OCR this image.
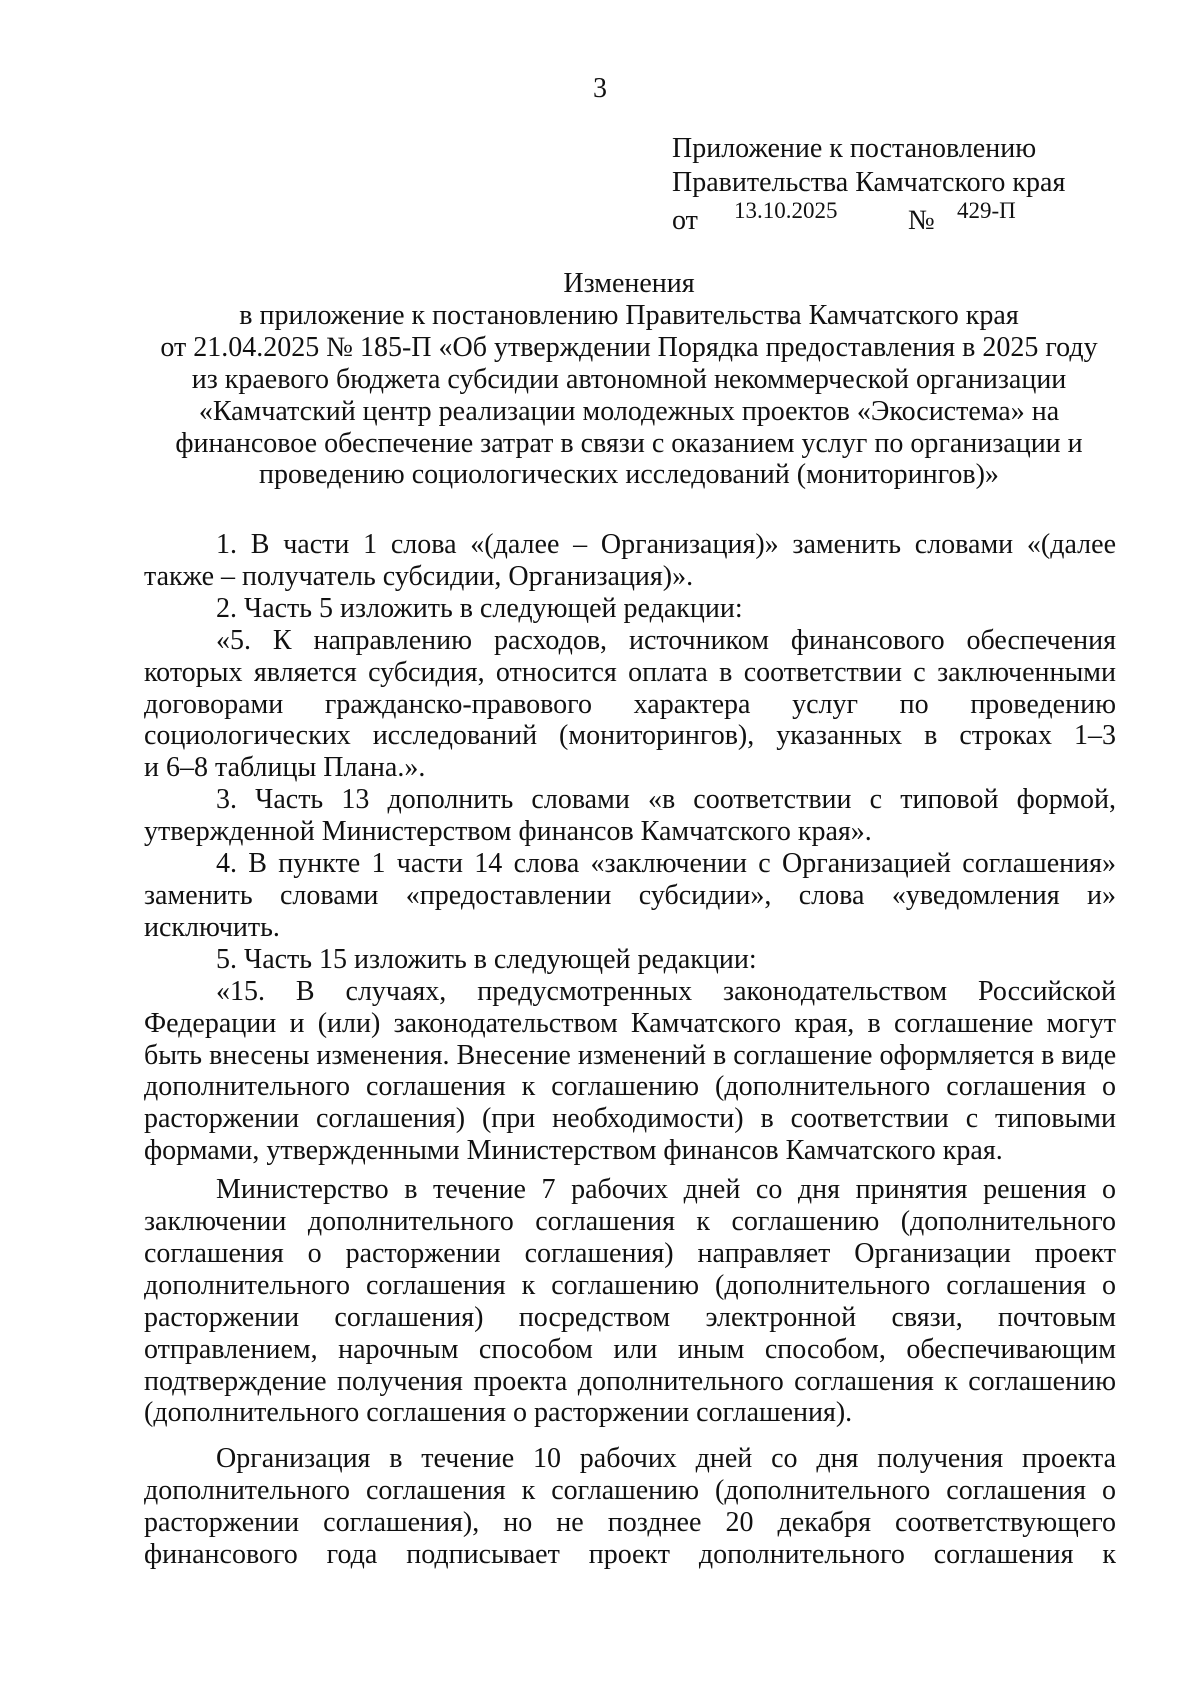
3
Приложение к постановлению
Правительства Камчатского края
от 13.10.2025	№ 429-П
Изменения
в приложение к постановлению Правительства Камчатского края
от 21.04.2025 № 185-П «Об утверждении Порядка предоставления в 2025 году
из краевого бюджета субсидии автономной некоммерческой организации
«Камчатский центр реализации молодежных проектов «Экосистема» на
финансовое обеспечение затрат в связи с оказанием услуг по организации и
проведению социологических исследований (мониторингов)»
1. В части 1 слова «(далее – Организация)» заменить словами «(далее
также – получатель субсидии, Организация)».
2. Часть 5 изложить в следующей редакции:
«5. К направлению расходов, источником финансового обеспечения
которых является субсидия, относится оплата в соответствии с заключенными
договорами гражданско-правового характера услуг по проведению
социологических исследований (мониторингов), указанных в строках 1–3
и 6–8 таблицы Плана.».
3. Часть 13 дополнить словами «в соответствии с типовой формой,
утвержденной Министерством финансов Камчатского края».
4. В пункте 1 части 14 слова «заключении с Организацией соглашения»
заменить словами «предоставлении субсидии», слова «уведомления и»
исключить.
5. Часть 15 изложить в следующей редакции:
«15. В случаях, предусмотренных законодательством Российской
Федерации и (или) законодательством Камчатского края, в соглашение могут
быть внесены изменения. Внесение изменений в соглашение оформляется в виде
дополнительного соглашения к соглашению (дополнительного соглашения о
расторжении соглашения) (при необходимости) в соответствии с типовыми
формами, утвержденными Министерством финансов Камчатского края.
Министерство в течение 7 рабочих дней со дня принятия решения о
заключении дополнительного соглашения к соглашению (дополнительного
соглашения о расторжении соглашения) направляет Организации проект
дополнительного соглашения к соглашению (дополнительного соглашения о
расторжении соглашения) посредством электронной связи, почтовым
отправлением, нарочным способом или иным способом, обеспечивающим
подтверждение получения проекта дополнительного соглашения к соглашению
(дополнительного соглашения о расторжении соглашения).
Организация в течение 10 рабочих дней со дня получения проекта
дополнительного соглашения к соглашению (дополнительного соглашения о
расторжении соглашения), но не позднее 20 декабря соответствующего
финансового года подписывает проект дополнительного соглашения к
